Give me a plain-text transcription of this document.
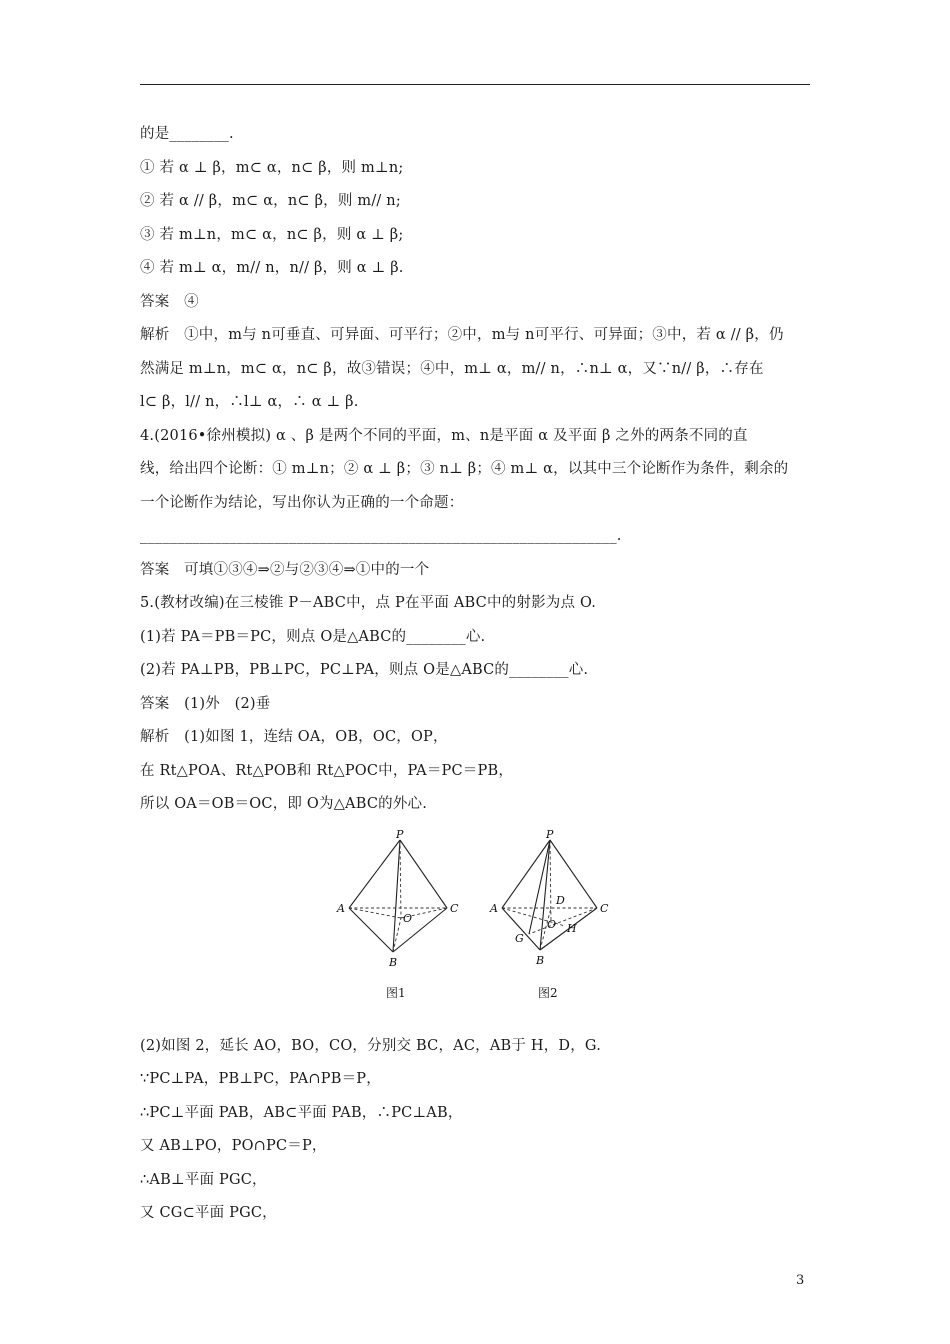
的是________.
① 若 α ⊥ β，m⊂ α，n⊂ β，则 m⊥n;
② 若 α // β，m⊂ α，n⊂ β，则 m// n;
③ 若 m⊥n，m⊂ α，n⊂ β，则 α ⊥ β;
④ 若 m⊥ α，m// n，n// β，则 α ⊥ β.
答案　④
解析　①中，m与 n可垂直、可异面、可平行；②中，m与 n可平行、可异面；③中，若 α // β，仍
然满足 m⊥n，m⊂ α，n⊂ β，故③错误；④中，m⊥ α，m// n，∴n⊥ α，又∵n// β，∴存在
l⊂ β，l// n，∴l⊥ α，∴ α ⊥ β.
4.(2016•徐州模拟) α 、β 是两个不同的平面，m、n是平面 α 及平面 β 之外的两条不同的直
线，给出四个论断：① m⊥n；② α ⊥ β；③ n⊥ β；④ m⊥ α，以其中三个论断作为条件，剩余的
一个论断作为结论，写出你认为正确的一个命题：
________________________________________________________________.
答案　可填①③④⇒②与②③④⇒①中的一个
5.(教材改编)在三棱锥 P－ABC中，点 P在平面 ABC中的射影为点 O.
(1)若 PA＝PB＝PC，则点 O是△ABC的________心.
(2)若 PA⊥PB，PB⊥PC，PC⊥PA，则点 O是△ABC的________心.
答案　(1)外　(2)垂
解析　(1)如图 1，连结 OA，OB，OC，OP，
在 Rt△POA、Rt△POB和 Rt△POC中，PA＝PC＝PB，
所以 OA＝OB＝OC，即 O为△ABC的外心.
P
A	C
O
B
图1
P
A	C
D
O H
G
B
图2
(2)如图 2，延长 AO，BO，CO，分别交 BC，AC，AB于 H，D，G.
∵PC⊥PA，PB⊥PC，PA∩PB＝P，
∴PC⊥平面 PAB，AB⊂平面 PAB，∴PC⊥AB，
又 AB⊥PO，PO∩PC＝P，
∴AB⊥平面 PGC，
又 CG⊂平面 PGC，
3
